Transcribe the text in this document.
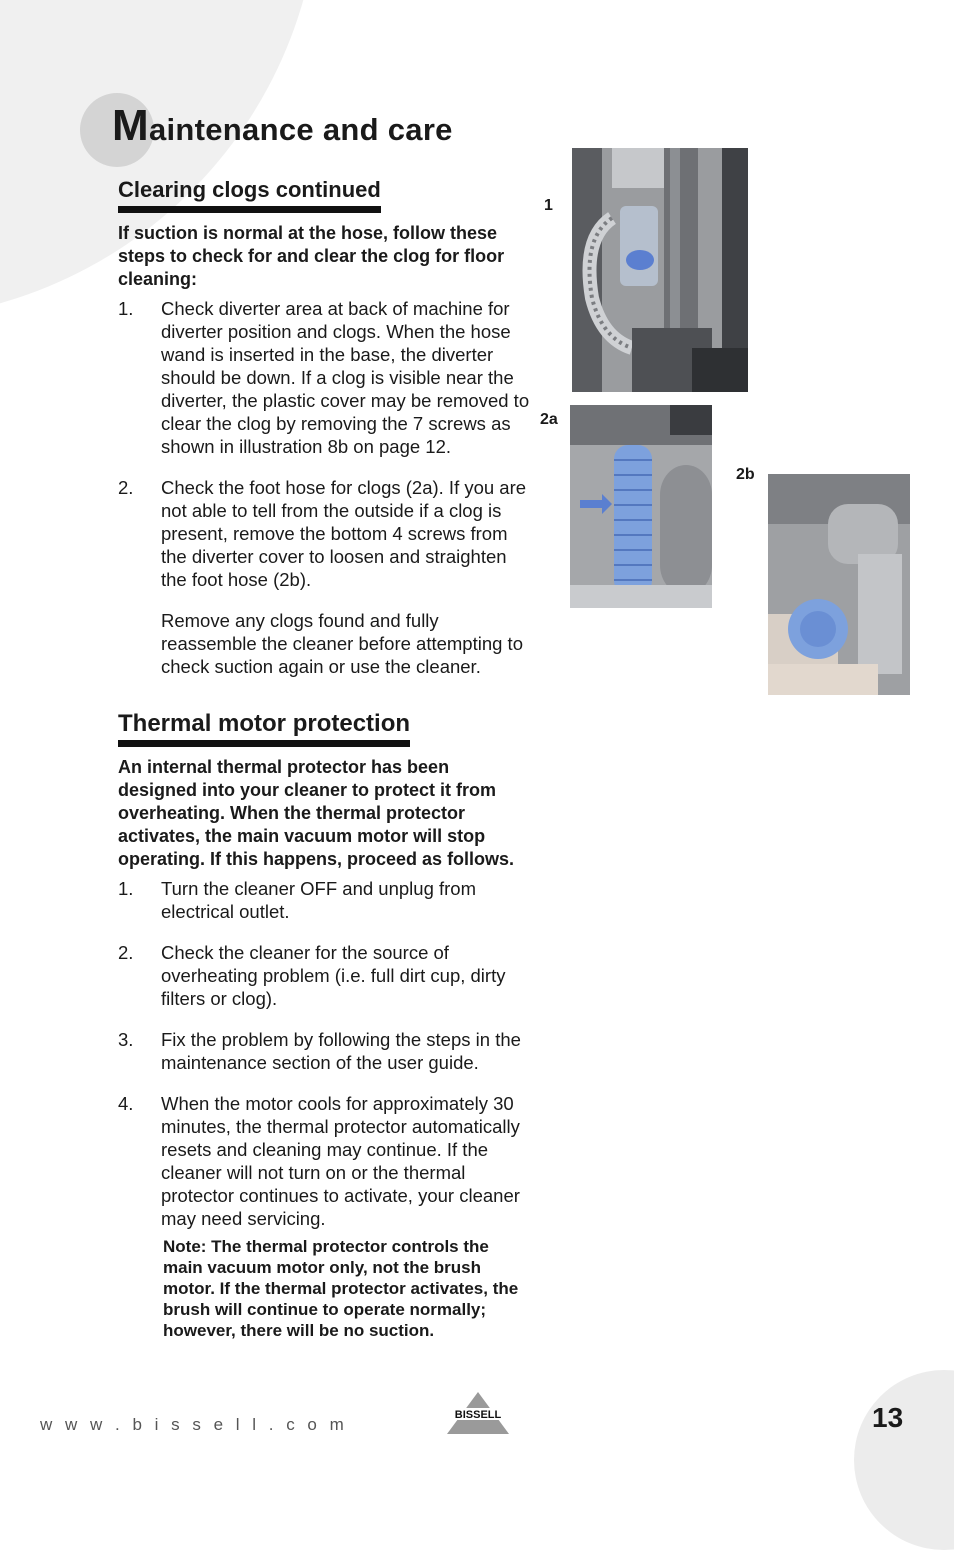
Maintenance and care
Clearing clogs continued

If suction is normal at the hose, follow these steps to check for and clear the clog for floor cleaning:

1.	Check diverter area at back of machine for diverter position and clogs. When the hose wand is inserted in the base, the diverter should be down. If a clog is visible near the diverter, the plastic cover may be removed to clear the clog by removing the 7 screws as shown in illustration 8b on page 12.
2.	Check the foot hose for clogs (2a). If you are not able to tell from the outside if a clog is present, remove the bottom 4 screws from the diverter cover to loosen and straighten the foot hose (2b).

Remove any clogs found and fully reassemble the cleaner before attempting to check suction again or use the cleaner.

Thermal motor protection

An internal thermal protector has been designed into your cleaner to protect it from overheating. When the thermal protector activates, the main vacuum motor will stop operating. If this happens, proceed as follows.

1.	Turn the cleaner OFF and unplug from electrical outlet.
2.	Check the cleaner for the source of overheating problem (i.e. full dirt cup, dirty filters or clog).
3.	Fix the problem by following the steps in the maintenance section of the user guide.
4.	When the motor cools for approximately 30 minutes, the thermal protector automatically resets and cleaning may continue. If the cleaner will not turn on or the thermal protector continues to activate, your cleaner may need servicing.

Note: The thermal protector controls the main vacuum motor only, not the brush motor. If the thermal protector activates, the brush will continue to operate normally; however, there will be no suction.

1
2a
2b
w w w . b i s s e l l . c o m	BISSELL	13
